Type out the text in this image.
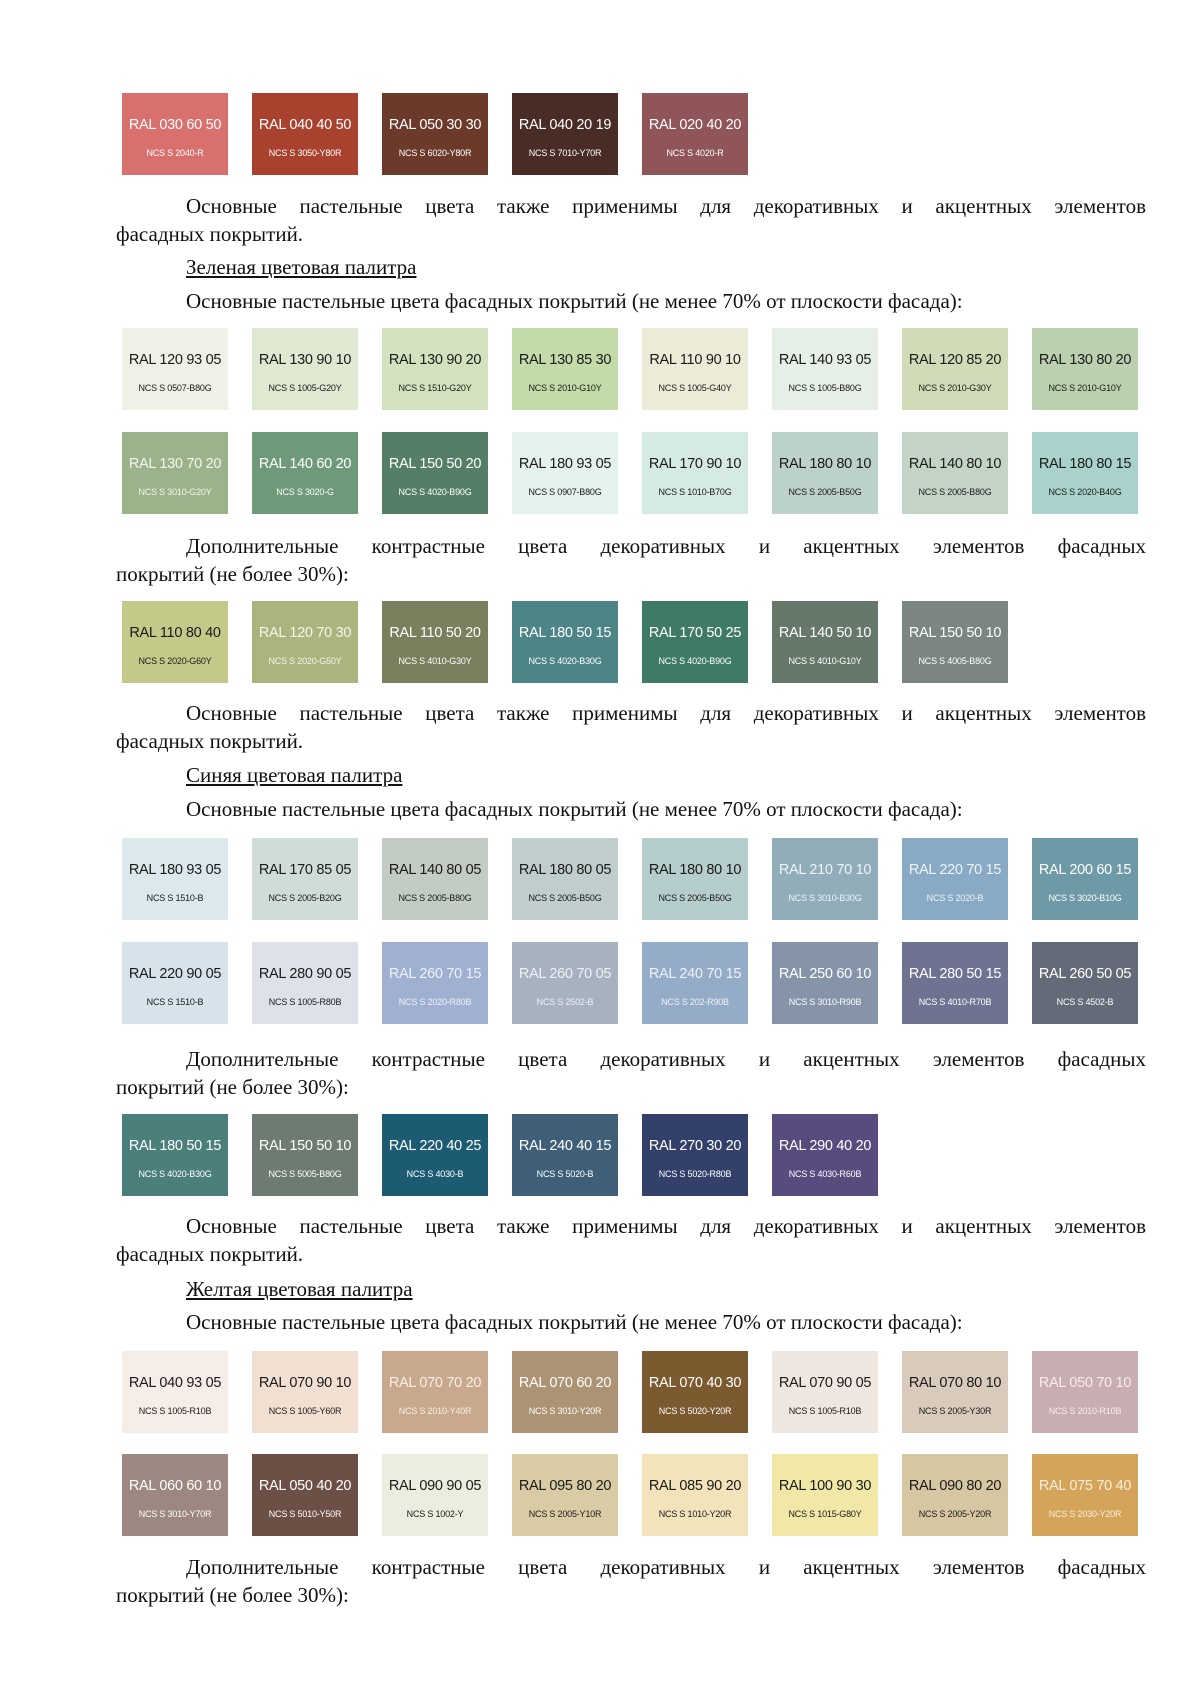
RAL 030 60 50
NCS S 2040-R
RAL 040 40 50
NCS S 3050-Y80R
RAL 050 30 30
NCS S 6020-Y80R
RAL 040 20 19
NCS S 7010-Y70R
RAL 020 40 20
NCS S 4020-R
Основные пастельные цвета также применимы для декоративных и акцентных элементов
фасадных покрытий.
Зеленая цветовая палитра
Основные пастельные цвета фасадных покрытий (не менее 70% от плоскости фасада):
RAL 120 93 05
NCS S 0507-B80G
RAL 130 90 10
NCS S 1005-G20Y
RAL 130 90 20
NCS S 1510-G20Y
RAL 130 85 30
NCS S 2010-G10Y
RAL 110 90 10
NCS S 1005-G40Y
RAL 140 93 05
NCS S 1005-B80G
RAL 120 85 20
NCS S 2010-G30Y
RAL 130 80 20
NCS S 2010-G10Y
RAL 130 70 20
NCS S 3010-G20Y
RAL 140 60 20
NCS S 3020-G
RAL 150 50 20
NCS S 4020-B90G
RAL 180 93 05
NCS S 0907-B80G
RAL 170 90 10
NCS S 1010-B70G
RAL 180 80 10
NCS S 2005-B50G
RAL 140 80 10
NCS S 2005-B80G
RAL 180 80 15
NCS S 2020-B40G
Дополнительные контрастные цвета декоративных и акцентных элементов фасадных
покрытий (не более 30%):
RAL 110 80 40
NCS S 2020-G60Y
RAL 120 70 30
NCS S 2020-G50Y
RAL 110 50 20
NCS S 4010-G30Y
RAL 180 50 15
NCS S 4020-B30G
RAL 170 50 25
NCS S 4020-B90G
RAL 140 50 10
NCS S 4010-G10Y
RAL 150 50 10
NCS S 4005-B80G
Основные пастельные цвета также применимы для декоративных и акцентных элементов
фасадных покрытий.
Синяя цветовая палитра
Основные пастельные цвета фасадных покрытий (не менее 70% от плоскости фасада):
RAL 180 93 05
NCS S 1510-B
RAL 170 85 05
NCS S 2005-B20G
RAL 140 80 05
NCS S 2005-B80G
RAL 180 80 05
NCS S 2005-B50G
RAL 180 80 10
NCS S 2005-B50G
RAL 210 70 10
NCS S 3010-B30G
RAL 220 70 15
NCS S 2020-B
RAL 200 60 15
NCS S 3020-B10G
RAL 220 90 05
NCS S 1510-B
RAL 280 90 05
NCS S 1005-R80B
RAL 260 70 15
NCS S 2020-R80B
RAL 260 70 05
NCS S 2502-B
RAL 240 70 15
NCS S 202-R90B
RAL 250 60 10
NCS S 3010-R90B
RAL 280 50 15
NCS S 4010-R70B
RAL 260 50 05
NCS S 4502-B
Дополнительные контрастные цвета декоративных и акцентных элементов фасадных
покрытий (не более 30%):
RAL 180 50 15
NCS S 4020-B30G
RAL 150 50 10
NCS S 5005-B80G
RAL 220 40 25
NCS S 4030-B
RAL 240 40 15
NCS S 5020-B
RAL 270 30 20
NCS S 5020-R80B
RAL 290 40 20
NCS S 4030-R60B
Основные пастельные цвета также применимы для декоративных и акцентных элементов
фасадных покрытий.
Желтая цветовая палитра
Основные пастельные цвета фасадных покрытий (не менее 70% от плоскости фасада):
RAL 040 93 05
NCS S 1005-R10B
RAL 070 90 10
NCS S 1005-Y60R
RAL 070 70 20
NCS S 2010-Y40R
RAL 070 60 20
NCS S 3010-Y20R
RAL 070 40 30
NCS S 5020-Y20R
RAL 070 90 05
NCS S 1005-R10B
RAL 070 80 10
NCS S 2005-Y30R
RAL 050 70 10
NCS S 2010-R10B
RAL 060 60 10
NCS S 3010-Y70R
RAL 050 40 20
NCS S 5010-Y50R
RAL 090 90 05
NCS S 1002-Y
RAL 095 80 20
NCS S 2005-Y10R
RAL 085 90 20
NCS S 1010-Y20R
RAL 100 90 30
NCS S 1015-G80Y
RAL 090 80 20
NCS S 2005-Y20R
RAL 075 70 40
NCS S 2030-Y20R
Дополнительные контрастные цвета декоративных и акцентных элементов фасадных
покрытий (не более 30%):
